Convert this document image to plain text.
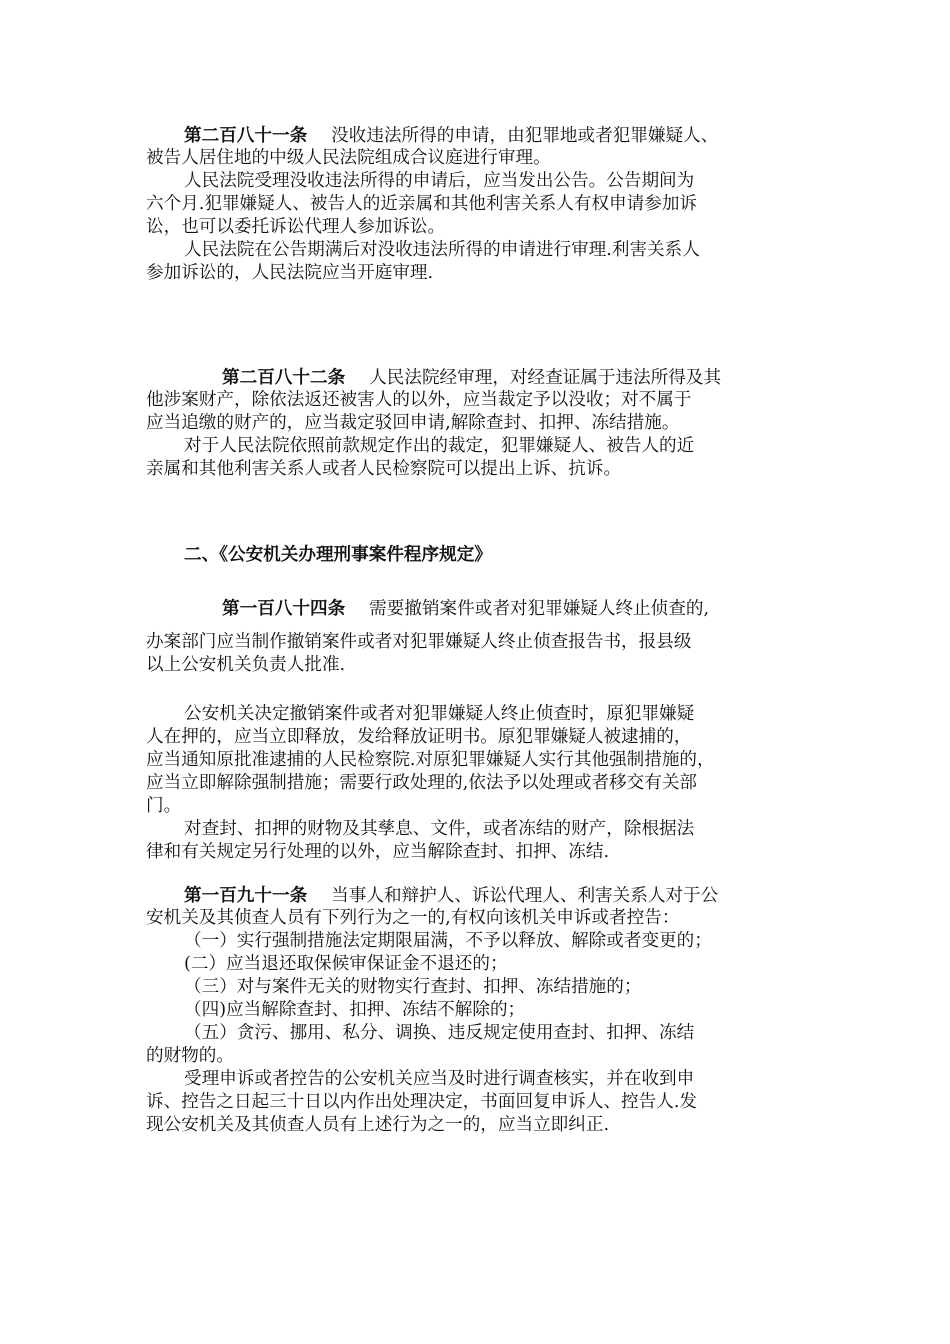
第二百八十一条 没收违法所得的申请，由犯罪地或者犯罪嫌疑人、
被告人居住地的中级人民法院组成合议庭进行审理。
人民法院受理没收违法所得的申请后，应当发出公告。公告期间为
六个月.犯罪嫌疑人、被告人的近亲属和其他利害关系人有权申请参加诉
讼，也可以委托诉讼代理人参加诉讼。
人民法院在公告期满后对没收违法所得的申请进行审理.利害关系人
参加诉讼的，人民法院应当开庭审理.
第二百八十二条 人民法院经审理，对经查证属于违法所得及其
他涉案财产，除依法返还被害人的以外，应当裁定予以没收；对不属于
应当追缴的财产的，应当裁定驳回申请,解除查封、扣押、冻结措施。
对于人民法院依照前款规定作出的裁定，犯罪嫌疑人、被告人的近
亲属和其他利害关系人或者人民检察院可以提出上诉、抗诉。
二、《公安机关办理刑事案件程序规定》
第一百八十四条 需要撤销案件或者对犯罪嫌疑人终止侦查的,
办案部门应当制作撤销案件或者对犯罪嫌疑人终止侦查报告书，报县级
以上公安机关负责人批准.
公安机关决定撤销案件或者对犯罪嫌疑人终止侦查时，原犯罪嫌疑
人在押的，应当立即释放，发给释放证明书。原犯罪嫌疑人被逮捕的，
应当通知原批准逮捕的人民检察院.对原犯罪嫌疑人实行其他强制措施的，
应当立即解除强制措施；需要行政处理的,依法予以处理或者移交有关部
门。
对查封、扣押的财物及其孳息、文件，或者冻结的财产，除根据法
律和有关规定另行处理的以外，应当解除查封、扣押、冻结.
第一百九十一条 当事人和辩护人、诉讼代理人、利害关系人对于公
安机关及其侦查人员有下列行为之一的,有权向该机关申诉或者控告：
（一）实行强制措施法定期限届满，不予以释放、解除或者变更的；
(二）应当退还取保候审保证金不退还的；
（三）对与案件无关的财物实行查封、扣押、冻结措施的；
（四)应当解除查封、扣押、冻结不解除的；
（五）贪污、挪用、私分、调换、违反规定使用查封、扣押、冻结
的财物的。
受理申诉或者控告的公安机关应当及时进行调查核实，并在收到申
诉、控告之日起三十日以内作出处理决定，书面回复申诉人、控告人.发
现公安机关及其侦查人员有上述行为之一的，应当立即纠正.
